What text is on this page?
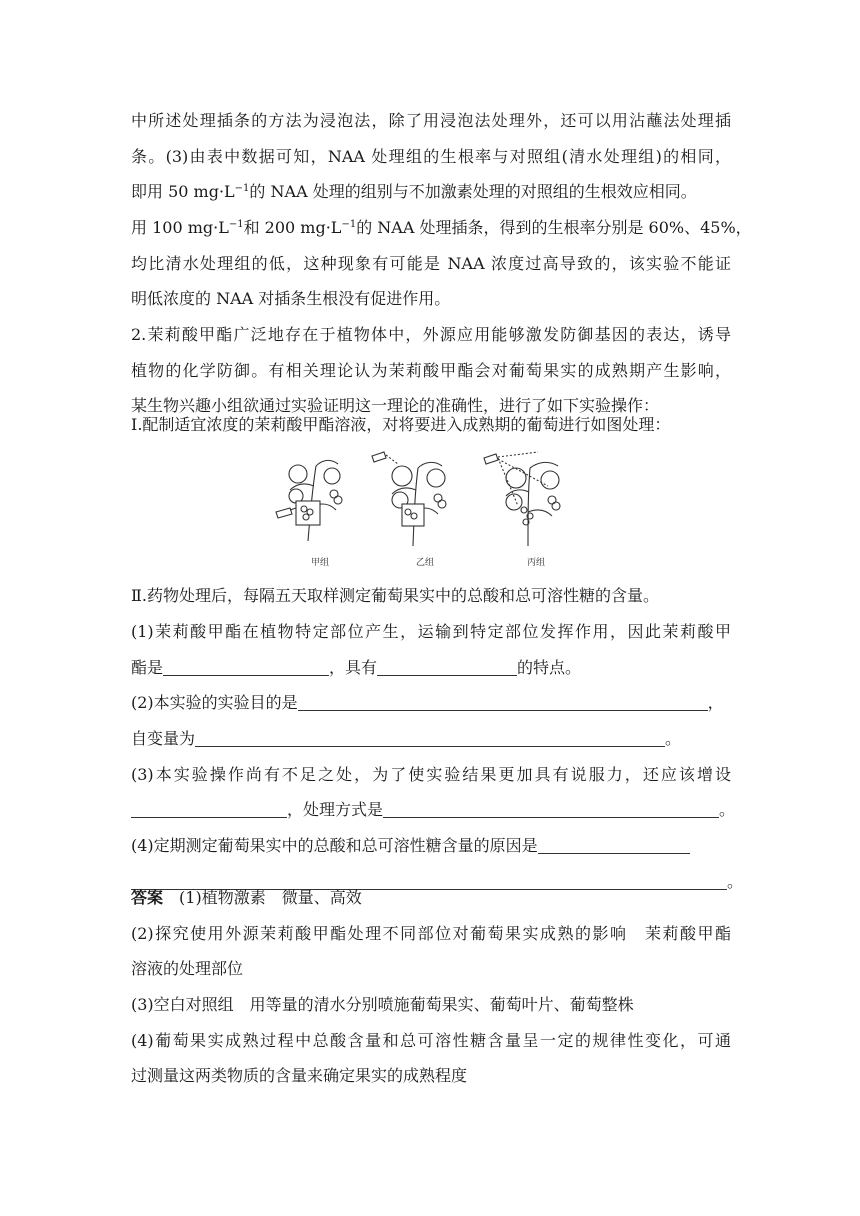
中所述处理插条的方法为浸泡法，除了用浸泡法处理外，还可以用沾蘸法处理插
条。(3)由表中数据可知，NAA 处理组的生根率与对照组(清水处理组)的相同，
即用 50 $mg\cdot L^{-1}$的 NAA 处理的组别与不加激素处理的对照组的生根效应相同。
用 100 $mg\cdot L^{-1}$和 200 $mg\cdot L^{-1}$的 NAA 处理插条，得到的生根率分别是 60%、45%，
均比清水处理组的低，这种现象有可能是 NAA 浓度过高导致的，该实验不能证
明低浓度的 NAA 对插条生根没有促进作用。
2.茉莉酸甲酯广泛地存在于植物体中，外源应用能够激发防御基因的表达，诱导
植物的化学防御。有相关理论认为茉莉酸甲酯会对葡萄果实的成熟期产生影响，
某生物兴趣小组欲通过实验证明这一理论的准确性，进行了如下实验操作：
Ⅰ.配制适宜浓度的茉莉酸甲酯溶液，对将要进入成熟期的葡萄进行如图处理：
甲组	乙组	丙组
Ⅱ.药物处理后，每隔五天取样测定葡萄果实中的总酸和总可溶性糖的含量。
(1)茉莉酸甲酯在植物特定部位产生，运输到特定部位发挥作用，因此茉莉酸甲
酯是	，具有	的特点。
(2)本实验的实验目的是	，
自变量为	。
(3)本实验操作尚有不足之处，为了使实验结果更加具有说服力，还应该增设
，处理方式是	。
(4)定期测定葡萄果实中的总酸和总可溶性糖含量的原因是
。
答案　 (1)植物激素　微量、高效
(2)探究使用外源茉莉酸甲酯处理不同部位对葡萄果实成熟的影响　茉莉酸甲酯
溶液的处理部位
(3)空白对照组　用等量的清水分别喷施葡萄果实、葡萄叶片、葡萄整株
(4)葡萄果实成熟过程中总酸含量和总可溶性糖含量呈一定的规律性变化，可通
过测量这两类物质的含量来确定果实的成熟程度
